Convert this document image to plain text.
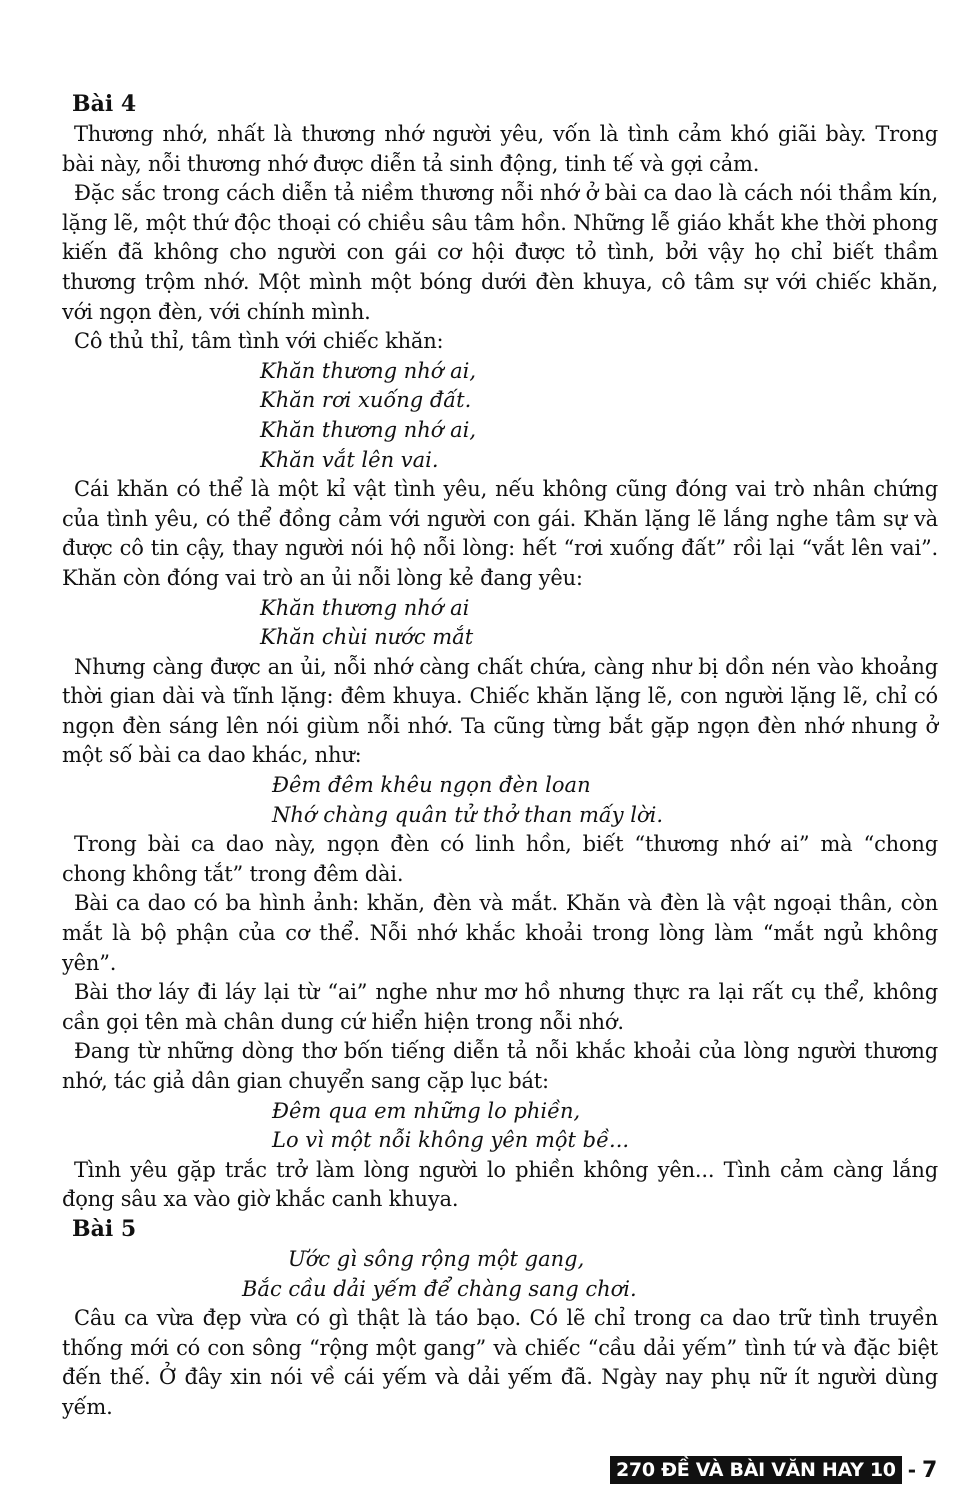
Bài 4

Thương nhớ, nhất là thương nhớ người yêu, vốn là tình cảm khó giãi bày. Trong bài này, nỗi thương nhớ được diễn tả sinh động, tinh tế và gợi cảm.

Đặc sắc trong cách diễn tả niềm thương nỗi nhớ ở bài ca dao là cách nói thầm kín, lặng lẽ, một thứ độc thoại có chiều sâu tâm hồn. Những lễ giáo khắt khe thời phong kiến đã không cho người con gái cơ hội được tỏ tình, bởi vậy họ chỉ biết thầm thương trộm nhớ. Một mình một bóng dưới đèn khuya, cô tâm sự với chiếc khăn, với ngọn đèn, với chính mình.

Cô thủ thỉ, tâm tình với chiếc khăn:

Khăn thương nhớ ai,
Khăn rơi xuống đất.
Khăn thương nhớ ai,
Khăn vắt lên vai.

Cái khăn có thể là một kỉ vật tình yêu, nếu không cũng đóng vai trò nhân chứng của tình yêu, có thể đồng cảm với người con gái. Khăn lặng lẽ lắng nghe tâm sự và được cô tin cậy, thay người nói hộ nỗi lòng: hết “rơi xuống đất” rồi lại “vắt lên vai”. Khăn còn đóng vai trò an ủi nỗi lòng kẻ đang yêu:

Khăn thương nhớ ai
Khăn chùi nước mắt

Nhưng càng được an ủi, nỗi nhớ càng chất chứa, càng như bị dồn nén vào khoảng thời gian dài và tĩnh lặng: đêm khuya. Chiếc khăn lặng lẽ, con người lặng lẽ, chỉ có ngọn đèn sáng lên nói giùm nỗi nhớ. Ta cũng từng bắt gặp ngọn đèn nhớ nhung ở một số bài ca dao khác, như:

Đêm đêm khêu ngọn đèn loan
Nhớ chàng quân tử thở than mấy lời.

Trong bài ca dao này, ngọn đèn có linh hồn, biết “thương nhớ ai” mà “chong chong không tắt” trong đêm dài.

Bài ca dao có ba hình ảnh: khăn, đèn và mắt. Khăn và đèn là vật ngoại thân, còn mắt là bộ phận của cơ thể. Nỗi nhớ khắc khoải trong lòng làm “mắt ngủ không yên”.

Bài thơ láy đi láy lại từ “ai” nghe như mơ hồ nhưng thực ra lại rất cụ thể, không cần gọi tên mà chân dung cứ hiển hiện trong nỗi nhớ.

Đang từ những dòng thơ bốn tiếng diễn tả nỗi khắc khoải của lòng người thương nhớ, tác giả dân gian chuyển sang cặp lục bát:

Đêm qua em những lo phiền,
Lo vì một nỗi không yên một bề...

Tình yêu gặp trắc trở làm lòng người lo phiền không yên... Tình cảm càng lắng đọng sâu xa vào giờ khắc canh khuya.

Bài 5
Ước gì sông rộng một gang,
Bắc cầu dải yếm để chàng sang chơi.

Câu ca vừa đẹp vừa có gì thật là táo bạo. Có lẽ chỉ trong ca dao trữ tình truyền thống mới có con sông “rộng một gang” và chiếc “cầu dải yếm” tình tứ và đặc biệt đến thế. Ở đây xin nói về cái yếm và dải yếm đã. Ngày nay phụ nữ ít người dùng yếm.

270 ĐỀ VÀ BÀI VĂN HAY 10 - 7
